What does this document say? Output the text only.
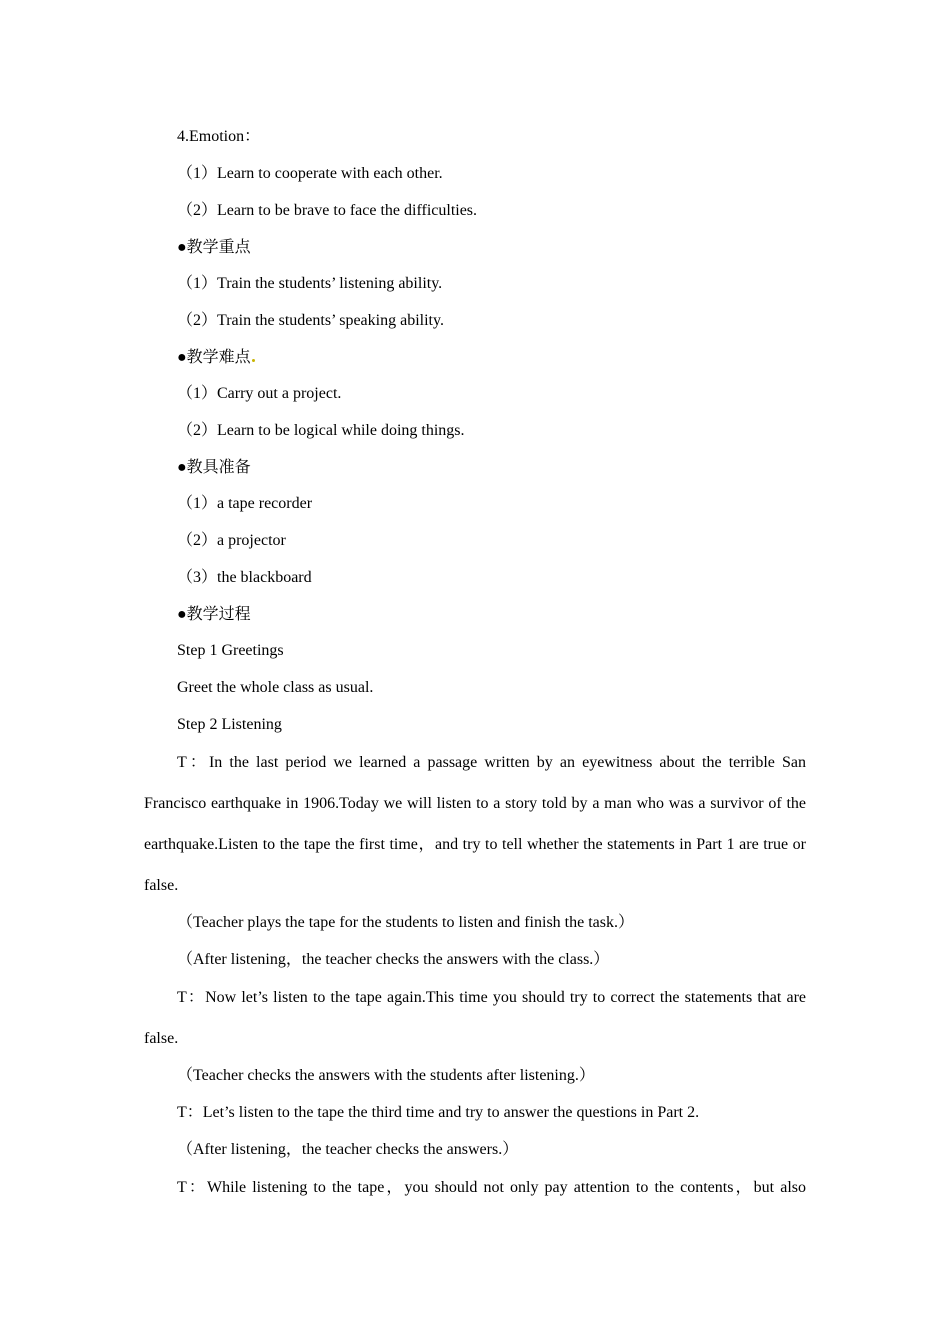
4.Emotion：
（1）Learn to cooperate with each other.
（2）Learn to be brave to face the difficulties.
●教学重点
（1）Train the students’ listening ability.
（2）Train the students’ speaking ability.
●教学难点
（1）Carry out a project.
（2）Learn to be logical while doing things.
●教具准备
（1）a tape recorder
（2）a projector
（3）the blackboard
●教学过程
Step 1 Greetings
Greet the whole class as usual.
Step 2 Listening
T：In the last period we learned a passage written by an eyewitness about the terrible San Francisco earthquake in 1906.Today we will listen to a story told by a man who was a survivor of the earthquake.Listen to the tape the first time，and try to tell whether the statements in Part 1 are true or false.
（Teacher plays the tape for the students to listen and finish the task.）
（After listening，the teacher checks the answers with the class.）
T：Now let’s listen to the tape again.This time you should try to correct the statements that are false.
（Teacher checks the answers with the students after listening.）
T：Let’s listen to the tape the third time and try to answer the questions in Part 2.
（After listening，the teacher checks the answers.）
T：While listening to the tape，you should not only pay attention to the contents，but also
